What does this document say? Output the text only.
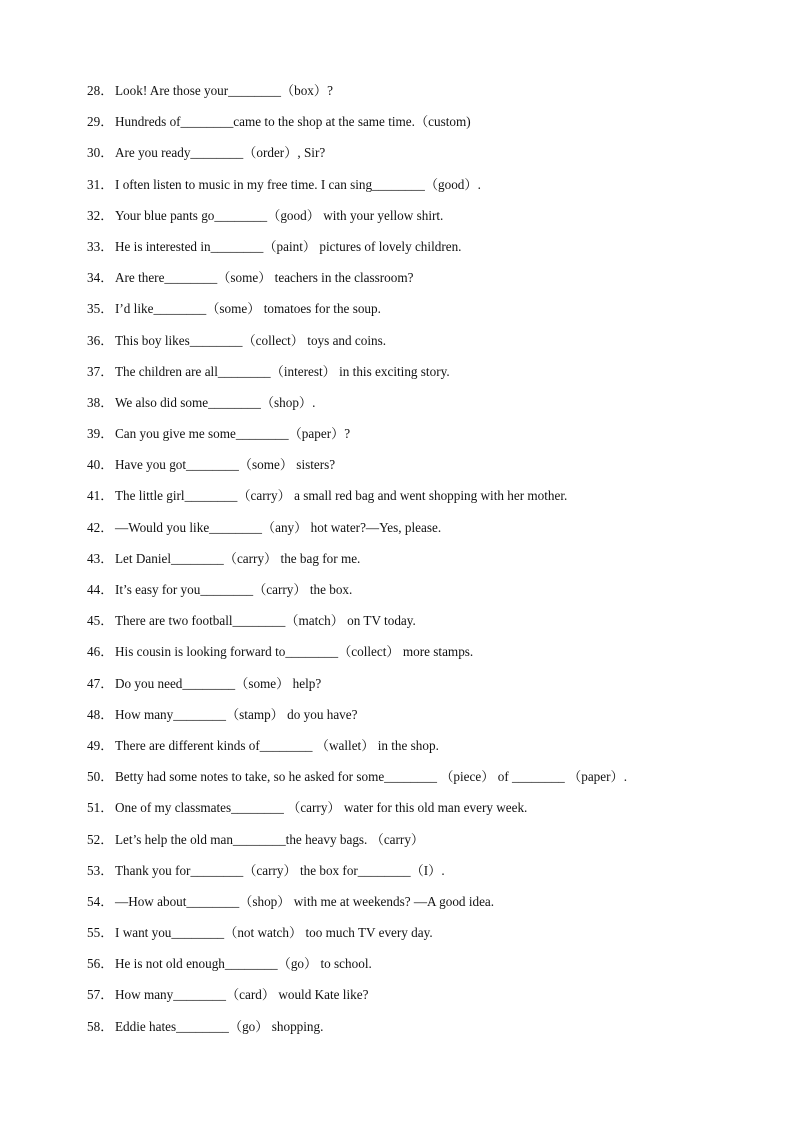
28． Look! Are those your________（box）?
29． Hundreds of________came to the shop at the same time.（custom)
30． Are you ready________（order）, Sir?
31． I often listen to music in my free time. I can sing________（good）.
32． Your blue pants go________（good） with your yellow shirt.
33． He is interested in________（paint） pictures of lovely children.
34． Are there________（some） teachers in the classroom?
35． I’d like________（some） tomatoes for the soup.
36． This boy likes________（collect） toys and coins.
37． The children are all________（interest） in this exciting story.
38． We also did some________（shop）.
39． Can you give me some________（paper）?
40． Have you got________（some） sisters?
41． The little girl________（carry） a small red bag and went shopping with her mother.
42． —Would you like________（any） hot water?—Yes, please.
43． Let Daniel________（carry） the bag for me.
44． It’s easy for you________（carry） the box.
45． There are two football________（match） on TV today.
46． His cousin is looking forward to________（collect） more stamps.
47． Do you need________（some） help?
48． How many________（stamp） do you have?
49． There are different kinds of________ （wallet） in the shop.
50． Betty had some notes to take, so he asked for some________ （piece） of ________ （paper）.
51． One of my classmates________ （carry） water for this old man every week.
52． Let’s help the old man________the heavy bags. （carry）
53． Thank you for________（carry） the box for________（I）.
54． —How about________（shop） with me at weekends? —A good idea.
55． I want you________（not watch） too much TV every day.
56． He is not old enough________（go） to school.
57． How many________（card） would Kate like?
58． Eddie hates________（go） shopping.
